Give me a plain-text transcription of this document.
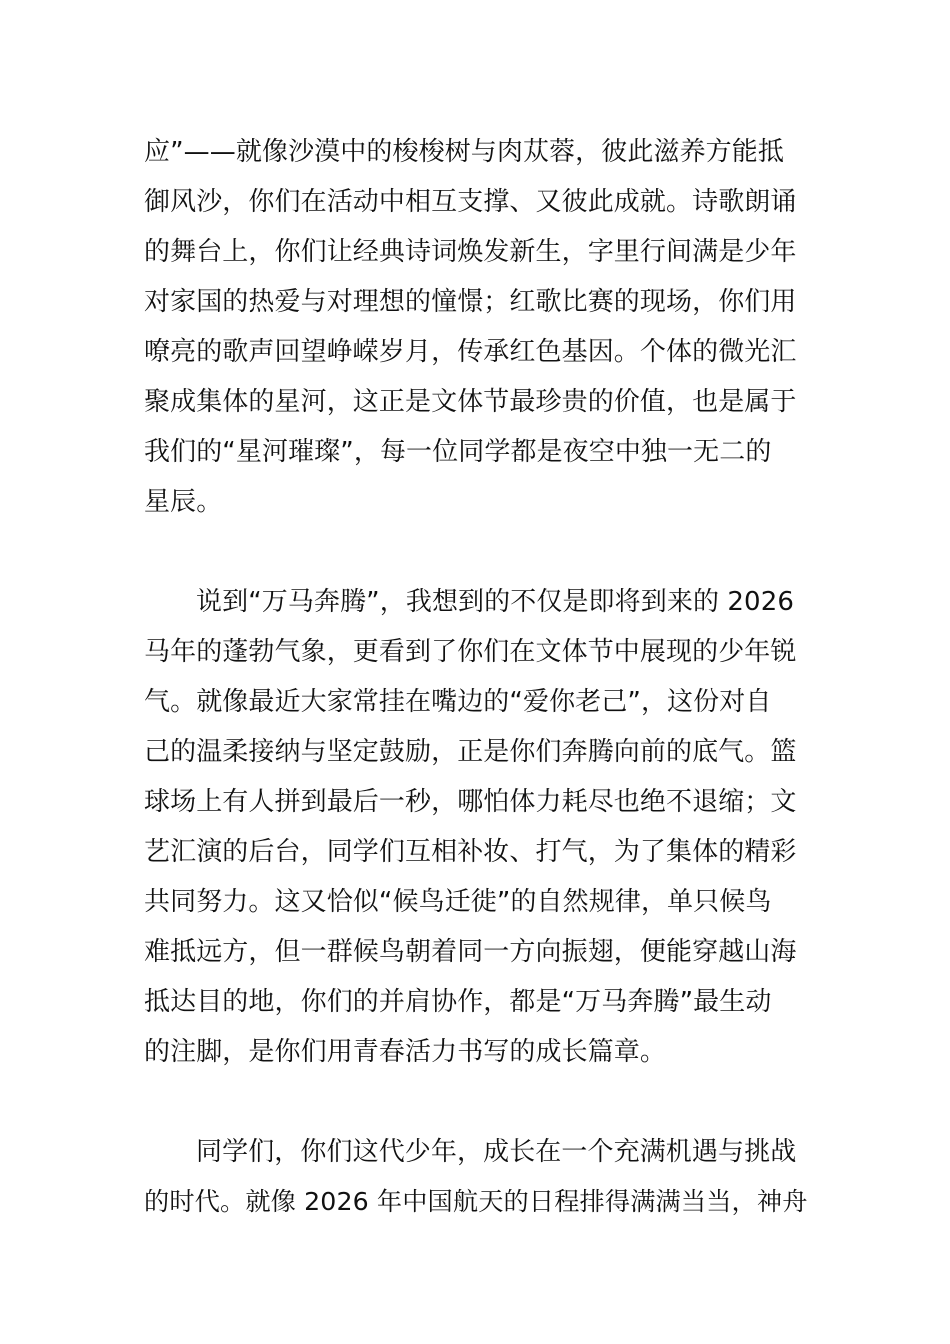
应”——就像沙漠中的梭梭树与肉苁蓉，彼此滋养方能抵
御风沙，你们在活动中相互支撑、又彼此成就。诗歌朗诵
的舞台上，你们让经典诗词焕发新生，字里行间满是少年
对家国的热爱与对理想的憧憬；红歌比赛的现场，你们用
嘹亮的歌声回望峥嵘岁月，传承红色基因。个体的微光汇
聚成集体的星河，这正是文体节最珍贵的价值，也是属于
我们的“星河璀璨”，每一位同学都是夜空中独一无二的
星辰。
说到“万马奔腾”，我想到的不仅是即将到来的 2026
马年的蓬勃气象，更看到了你们在文体节中展现的少年锐
气。就像最近大家常挂在嘴边的“爱你老己”，这份对自
己的温柔接纳与坚定鼓励，正是你们奔腾向前的底气。篮
球场上有人拼到最后一秒，哪怕体力耗尽也绝不退缩；文
艺汇演的后台，同学们互相补妆、打气，为了集体的精彩
共同努力。这又恰似“候鸟迁徙”的自然规律，单只候鸟
难抵远方，但一群候鸟朝着同一方向振翅，便能穿越山海
抵达目的地，你们的并肩协作，都是“万马奔腾”最生动
的注脚，是你们用青春活力书写的成长篇章。
同学们，你们这代少年，成长在一个充满机遇与挑战
的时代。就像 2026 年中国航天的日程排得满满当当，神舟
